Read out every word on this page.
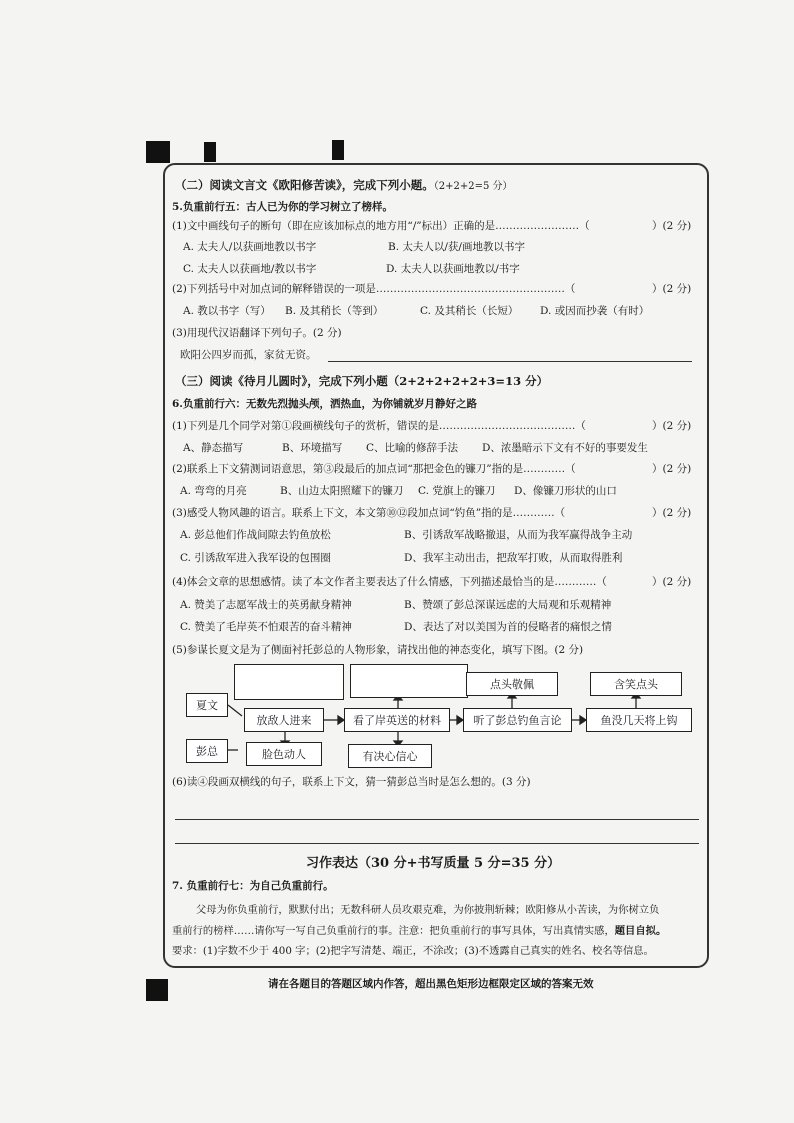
（二）阅读文言文《欧阳修苦读》，完成下列小题。（2+2+2=5 分）
5.负重前行五：古人已为你的学习树立了榜样。
(1)文中画线句子的断句（即在应该加标点的地方用“/”标出）正确的是……………………（	）(2 分)
A. 太夫人/以获画地教以书字	B. 太夫人以/获/画地教以书字
C. 太夫人以获画地/教以书字	D. 太夫人以获画地教以/书字
(2)下列括号中对加点词的解释错误的一项是………………………………………………（	）(2 分)
A. 教以书字（写） B. 及其稍长（等到）	C. 及其稍长（长短） D. 或因而抄袭（有时）
(3)用现代汉语翻译下列句子。(2 分)
欧阳公四岁而孤，家贫无资。
（三）阅读《待月儿圆时》，完成下列小题（2+2+2+2+2+3=13 分）
6.负重前行六：无数先烈抛头颅，洒热血，为你铺就岁月静好之路
(1)下列是几个同学对第①段画横线句子的赏析，错误的是…………………………………（	）(2 分)
A、静态描写	B、环境描写 C、比喻的修辞手法 D、浓墨暗示下文有不好的事要发生
(2)联系上下文猜测词语意思，第③段最后的加点词“那把金色的镰刀”指的是…………（	）(2 分)
A. 弯弯的月亮	B、山边太阳照耀下的镰刀 C. 党旗上的镰刀 D、像镰刀形状的山口
(3)感受人物风趣的语言。联系上下文，本文第⑩⑫段加点词“钓鱼”指的是…………（	）(2 分)
A. 彭总他们作战间隙去钓鱼放松	B、引诱敌军战略撤退，从而为我军赢得战争主动
C. 引诱敌军进入我军设的包围圈	D、我军主动出击，把敌军打败，从而取得胜利
(4)体会文章的思想感情。读了本文作者主要表达了什么情感，下列描述最恰当的是…………（	）(2 分)
A. 赞美了志愿军战士的英勇献身精神	B、赞颂了彭总深谋远虑的大局观和乐观精神
C. 赞美了毛岸英不怕艰苦的奋斗精神	D、表达了对以美国为首的侵略者的痛恨之情
(5)参谋长夏文是为了侧面衬托彭总的人物形象，请找出他的神态变化，填写下图。(2 分)
点头敬佩	含笑点头
夏文
彭总
放敌人进来	看了岸英送的材料	听了彭总钓鱼言论	鱼没几天将上钩
脸色动人	有决心信心
(6)读④段画双横线的句子，联系上下文，猜一猜彭总当时是怎么想的。(3 分)
习作表达（30 分+书写质量 5 分=35 分）
7. 负重前行七：为自己负重前行。
父母为你负重前行，默默付出；无数科研人员攻艰克难，为你披荆斩棘；欧阳修从小苦读，为你树立负
重前行的榜样……请你写一写自己负重前行的事。注意：把负重前行的事写具体，写出真情实感，题目自拟。
要求：(1)字数不少于 400 字；(2)把字写清楚、端正，不涂改；(3)不透露自己真实的姓名、校名等信息。
请在各题目的答题区域内作答，超出黑色矩形边框限定区域的答案无效
